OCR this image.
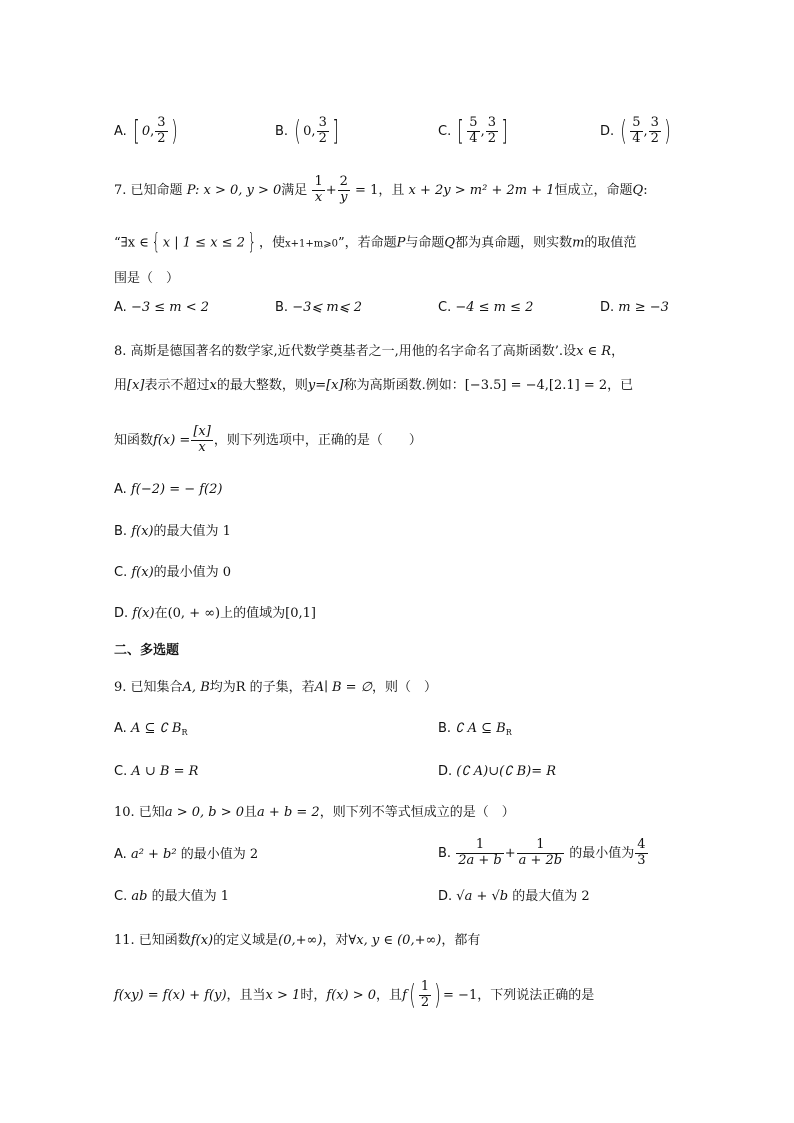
A. [ 0, $\frac{3}{2}$ )	B. ( 0, $\frac{3}{2}$ ]	C. [ $\frac{5}{4}$ , $\frac{3}{2}$ ]	D. ( $\frac{5}{4}$ , $\frac{3}{2}$ )
7. 已知命题 P: x > 0, y > 0满足 $\frac{1}{x} + \frac{2}{y} = 1$，且 x + 2y > m² + 2m + 1恒成立，命题Q:
“∃x ∈ { x | 1 ≤ x ≤ 2 } ，使x+1+m⩾0”，若命题P与命题Q都为真命题，则实数m的取值范
围是（　）
A. −3 ≤ m < 2	B. −3⩽ m⩽ 2	C. −4 ≤ m ≤ 2	D. m ≥ −3
8. 高斯是德国著名的数学家,近代数学奠基者之一,用他的名字命名了高斯函数’.设x ∈ R，
用[x]表示不超过x的最大整数，则y=[x]称为高斯函数.例如：[−3.5] = −4,[2.1] = 2，已
知函数$f(x) = \frac{[x]}{x}$ ，则下列选项中，正确的是（　　）
A. f(−2) = − f(2)
B. f(x)的最大值为 1
C. f(x)的最小值为 0
D. f(x)在(0, + ∞)上的值域为[0,1]
二、多选题
9. 已知集合A, B均为R 的子集，若A∣ B = ∅，则（　）
A. A ⊆ ∁ $B_R$	B. ∁ A ⊆ $B_R$
C. A ∪ B = R	D. (∁ A)∪(∁ B)= R
10. 已知a > 0, b > 0且a + b = 2，则下列不等式恒成立的是（　）
A. a² + b² 的最小值为 2	B. $\frac{1}{2a + b} + \frac{1}{a + 2b}$ 的最小值为 $\frac{4}{3}$
C. ab 的最大值为 1	D. √a + √b 的最大值为 2
11. 已知函数f(x)的定义域是(0,+∞)，对∀x, y ∈ (0,+∞)，都有
f(xy) = f(x) + f(y)，且当x > 1时，f(x) > 0，且$f( \frac{1}{2}$ ) = −1，下列说法正确的是
